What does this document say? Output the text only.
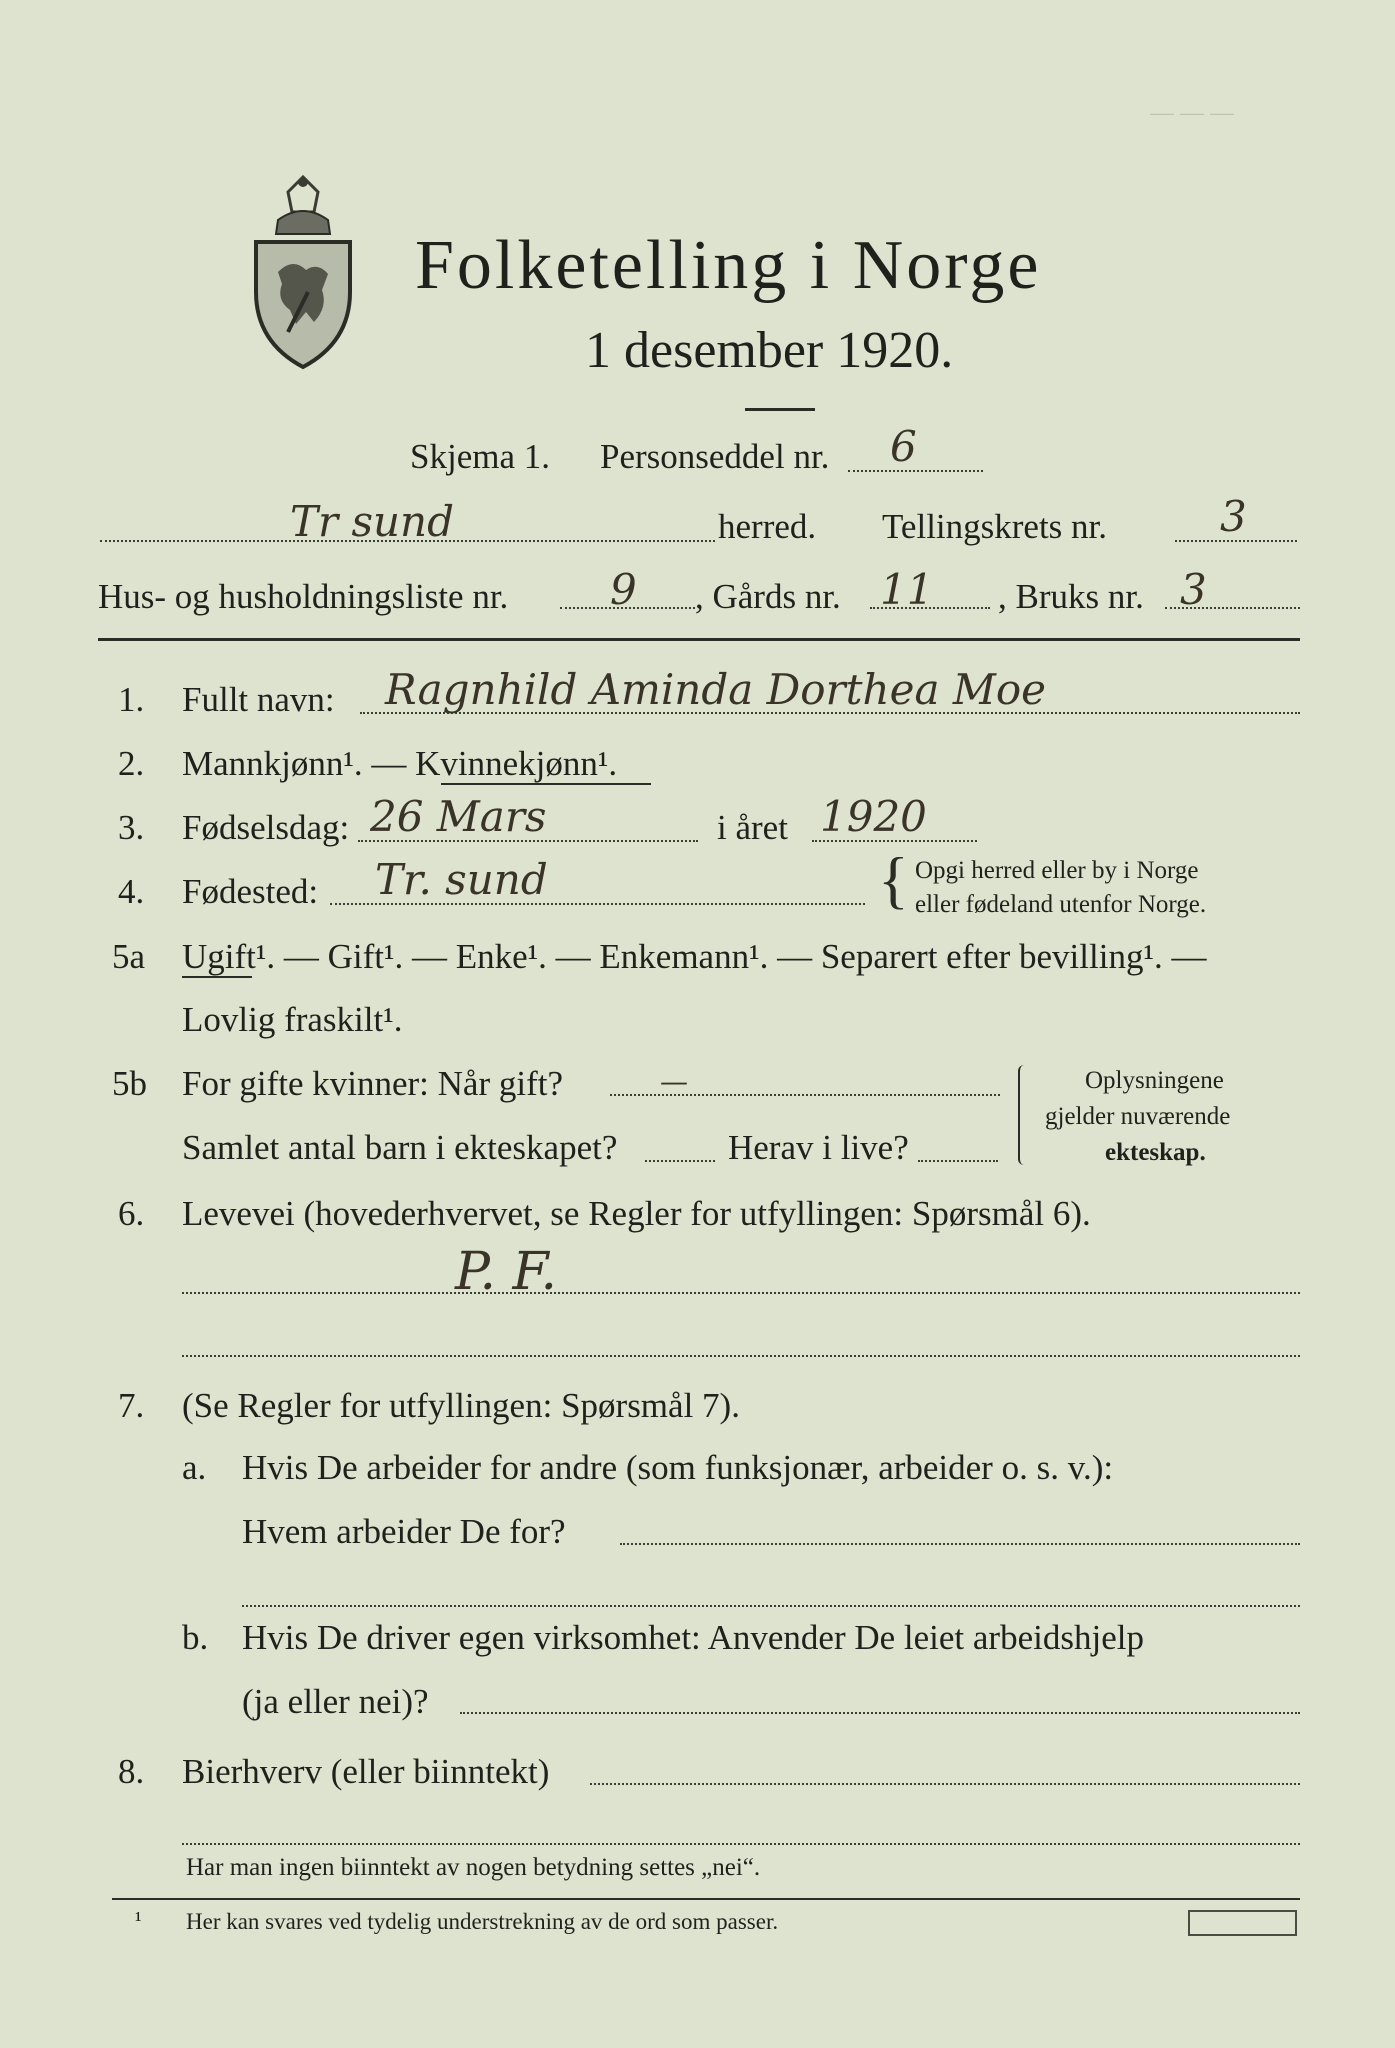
— — —
Folketelling i Norge
1 desember 1920.
Skjema 1. Personseddel nr. 6
Tr sund	herred. Tellingskrets nr.	3
Hus- og husholdningsliste nr. 9 , Gårds nr. 11 , Bruks nr. 3
1. Fullt navn: Ragnhild Aminda Dorthea Moe
2. Mannkjønn¹. — Kvinnekjønn¹.
3. Fødselsdag: 26 Mars	i året 1920
4. Fødested: Tr. sund	{ Opgi herred eller by i Norge
eller fødeland utenfor Norge.
5a Ugift¹. — Gift¹. — Enke¹. — Enkemann¹. — Separert efter bevilling¹. —
Lovlig fraskilt¹.
5b For gifte kvinner: Når gift?	—
Samlet antal barn i ekteskapet?	Herav i live?
Oplysningene
gjelder nuværende
ekteskap.
6. Levevei (hovederhvervet, se Regler for utfyllingen: Spørsmål 6).
P. F.
7. (Se Regler for utfyllingen: Spørsmål 7).
a. Hvis De arbeider for andre (som funksjonær, arbeider o. s. v.):
Hvem arbeider De for?
b. Hvis De driver egen virksomhet: Anvender De leiet arbeidshjelp
(ja eller nei)?
8. Bierhverv (eller biinntekt)
Har man ingen biinntekt av nogen betydning settes „nei“.
¹ Her kan svares ved tydelig understrekning av de ord som passer.
